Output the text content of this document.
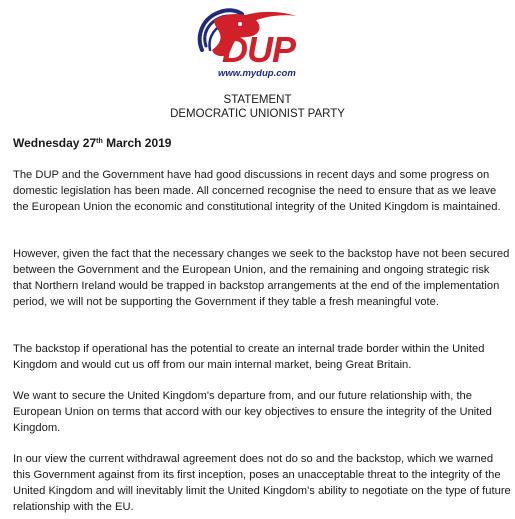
DUP
www.mydup.com
STATEMENT
DEMOCRATIC UNIONIST PARTY
Wednesday 27th March 2019

The DUP and the Government have had good discussions in recent days and some progress on domestic legislation has been made. All concerned recognise the need to ensure that as we leave the European Union the economic and constitutional integrity of the United Kingdom is maintained.

However, given the fact that the necessary changes we seek to the backstop have not been secured between the Government and the European Union, and the remaining and ongoing strategic risk that Northern Ireland would be trapped in backstop arrangements at the end of the implementation period, we will not be supporting the Government if they table a fresh meaningful vote.

The backstop if operational has the potential to create an internal trade border within the United Kingdom and would cut us off from our main internal market, being Great Britain.

We want to secure the United Kingdom's departure from, and our future relationship with, the European Union on terms that accord with our key objectives to ensure the integrity of the United Kingdom.

In our view the current withdrawal agreement does not do so and the backstop, which we warned this Government against from its first inception, poses an unacceptable threat to the integrity of the United Kingdom and will inevitably limit the United Kingdom's ability to negotiate on the type of future relationship with the EU.
